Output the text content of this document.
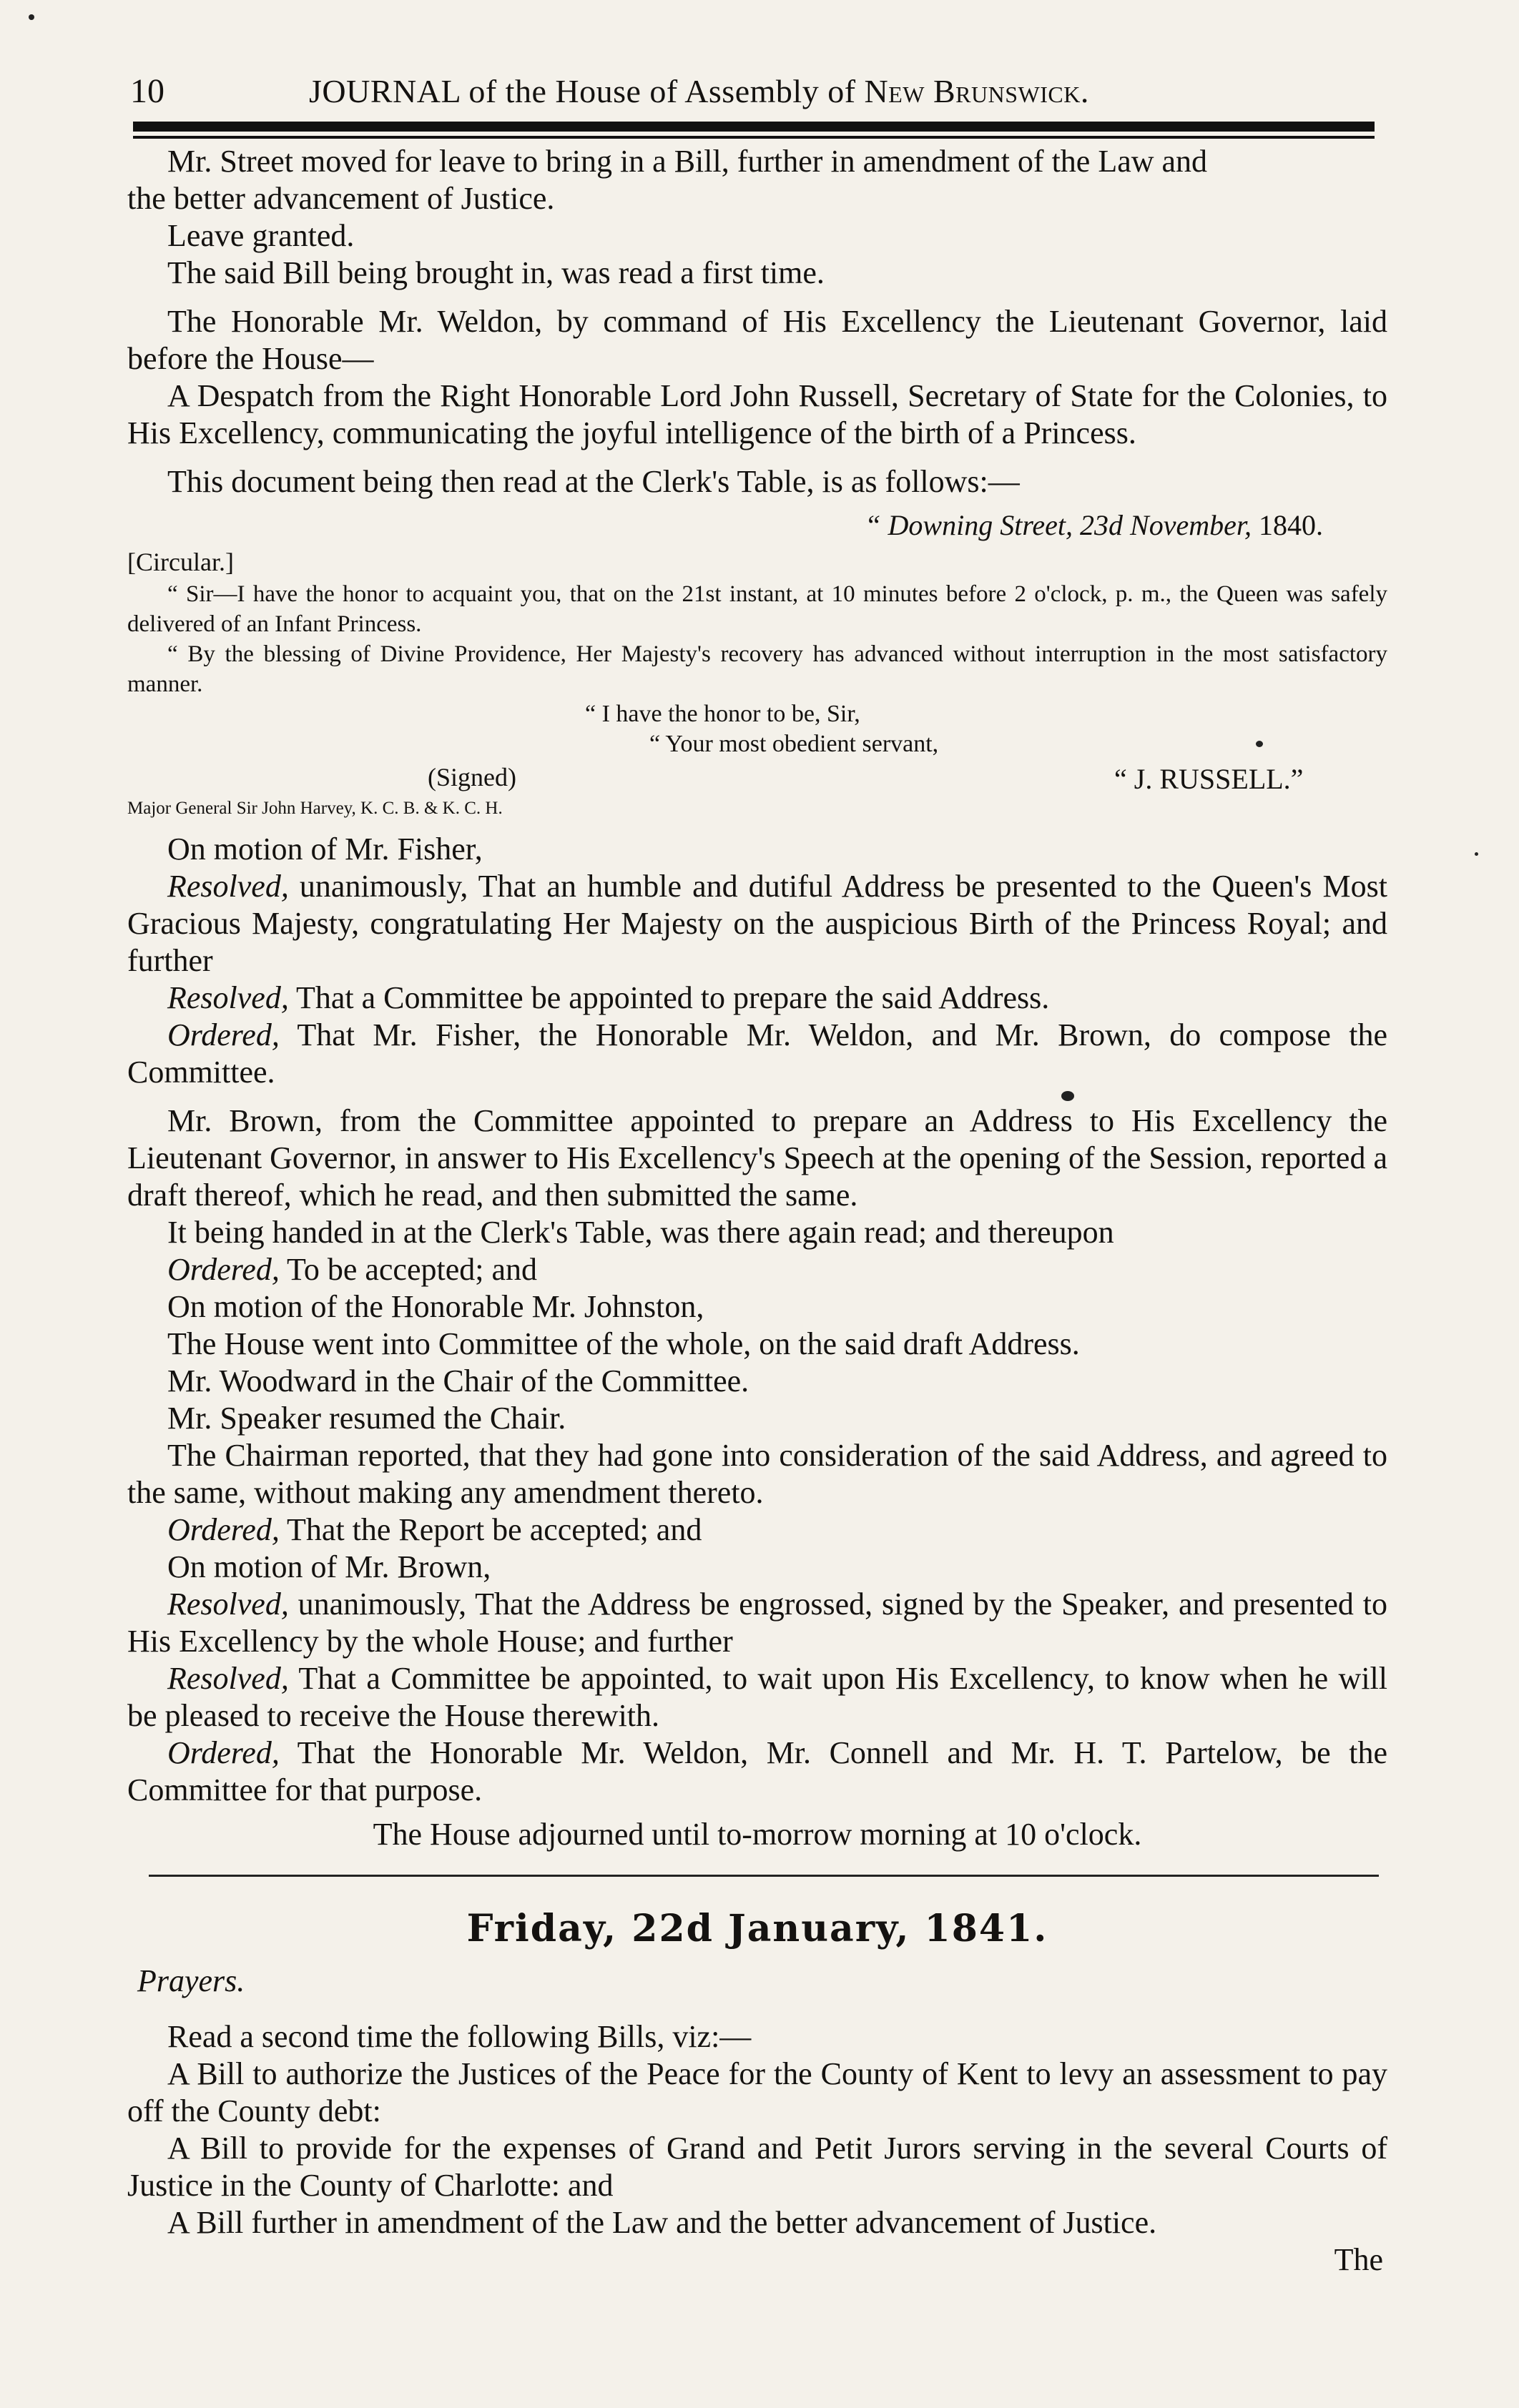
10	JOURNAL of the House of Assembly of New Brunswick.

Mr. Street moved for leave to bring in a Bill, further in amendment of the Law and

the better advancement of Justice.

Leave granted.

The said Bill being brought in, was read a first time.

The Honorable Mr. Weldon, by command of His Excellency the Lieutenant Governor, laid before the House—

A Despatch from the Right Honorable Lord John Russell, Secretary of State for the Colonies, to His Excellency, communicating the joyful intelligence of the birth of a Princess.

This document being then read at the Clerk's Table, is as follows:—

“ Downing Street, 23d November, 1840.

[Circular.]

“ Sir—I have the honor to acquaint you, that on the 21st instant, at 10 minutes before 2 o'clock, p. m., the Queen was safely delivered of an Infant Princess.

“ By the blessing of Divine Providence, Her Majesty's recovery has advanced without interruption in the most satisfactory manner.

“ I have the honor to be, Sir,
“ Your most obedient servant,
(Signed)	“ J. RUSSELL.”

Major General Sir John Harvey, K. C. B. & K. C. H.

On motion of Mr. Fisher,

Resolved, unanimously, That an humble and dutiful Address be presented to the Queen's Most Gracious Majesty, congratulating Her Majesty on the auspicious Birth of the Princess Royal; and further

Resolved, That a Committee be appointed to prepare the said Address.

Ordered, That Mr. Fisher, the Honorable Mr. Weldon, and Mr. Brown, do compose the Committee.

Mr. Brown, from the Committee appointed to prepare an Address to His Excellency the Lieutenant Governor, in answer to His Excellency's Speech at the opening of the Session, reported a draft thereof, which he read, and then submitted the same.

It being handed in at the Clerk's Table, was there again read; and thereupon

Ordered, To be accepted; and

On motion of the Honorable Mr. Johnston,

The House went into Committee of the whole, on the said draft Address.

Mr. Woodward in the Chair of the Committee.

Mr. Speaker resumed the Chair.

The Chairman reported, that they had gone into consideration of the said Address, and agreed to the same, without making any amendment thereto.

Ordered, That the Report be accepted; and

On motion of Mr. Brown,

Resolved, unanimously, That the Address be engrossed, signed by the Speaker, and presented to His Excellency by the whole House; and further

Resolved, That a Committee be appointed, to wait upon His Excellency, to know when he will be pleased to receive the House therewith.

Ordered, That the Honorable Mr. Weldon, Mr. Connell and Mr. H. T. Partelow, be the Committee for that purpose.

The House adjourned until to-morrow morning at 10 o'clock.

Friday, 22d January, 1841.

Prayers.

Read a second time the following Bills, viz:—

A Bill to authorize the Justices of the Peace for the County of Kent to levy an assessment to pay off the County debt:

A Bill to provide for the expenses of Grand and Petit Jurors serving in the several Courts of Justice in the County of Charlotte: and

A Bill further in amendment of the Law and the better advancement of Justice.

The
